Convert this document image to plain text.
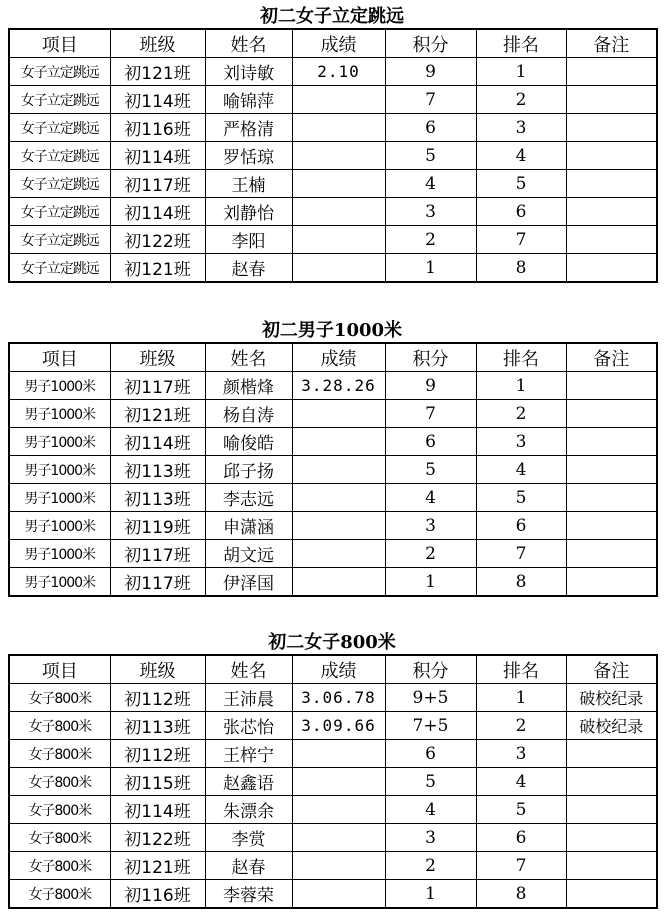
初二女子立定跳远
项目	班级	姓名	成绩	积分	排名	备注
女子立定跳远	初121班	刘诗敏	2.10	9	1	
女子立定跳远	初114班	喻锦萍		7	2	
女子立定跳远	初116班	严格清		6	3	
女子立定跳远	初114班	罗恬琼		5	4	
女子立定跳远	初117班	王楠		4	5	
女子立定跳远	初114班	刘静怡		3	6	
女子立定跳远	初122班	李阳		2	7	
女子立定跳远	初121班	赵春		1	8	
初二男子1000米
项目	班级	姓名	成绩	积分	排名	备注
男子1000米	初117班	颜楷烽	3.28.26	9	1	
男子1000米	初121班	杨自涛		7	2	
男子1000米	初114班	喻俊皓		6	3	
男子1000米	初113班	邱子扬		5	4	
男子1000米	初113班	李志远		4	5	
男子1000米	初119班	申潇涵		3	6	
男子1000米	初117班	胡文远		2	7	
男子1000米	初117班	伊泽国		1	8	
初二女子800米
项目	班级	姓名	成绩	积分	排名	备注
女子800米	初112班	王沛晨	3.06.78	9+5	1	破校纪录
女子800米	初113班	张芯怡	3.09.66	7+5	2	破校纪录
女子800米	初112班	王梓宁		6	3	
女子800米	初115班	赵鑫语		5	4	
女子800米	初114班	朱漂余		4	5	
女子800米	初122班	李赏		3	6	
女子800米	初121班	赵春		2	7	
女子800米	初116班	李蓉荣		1	8	
